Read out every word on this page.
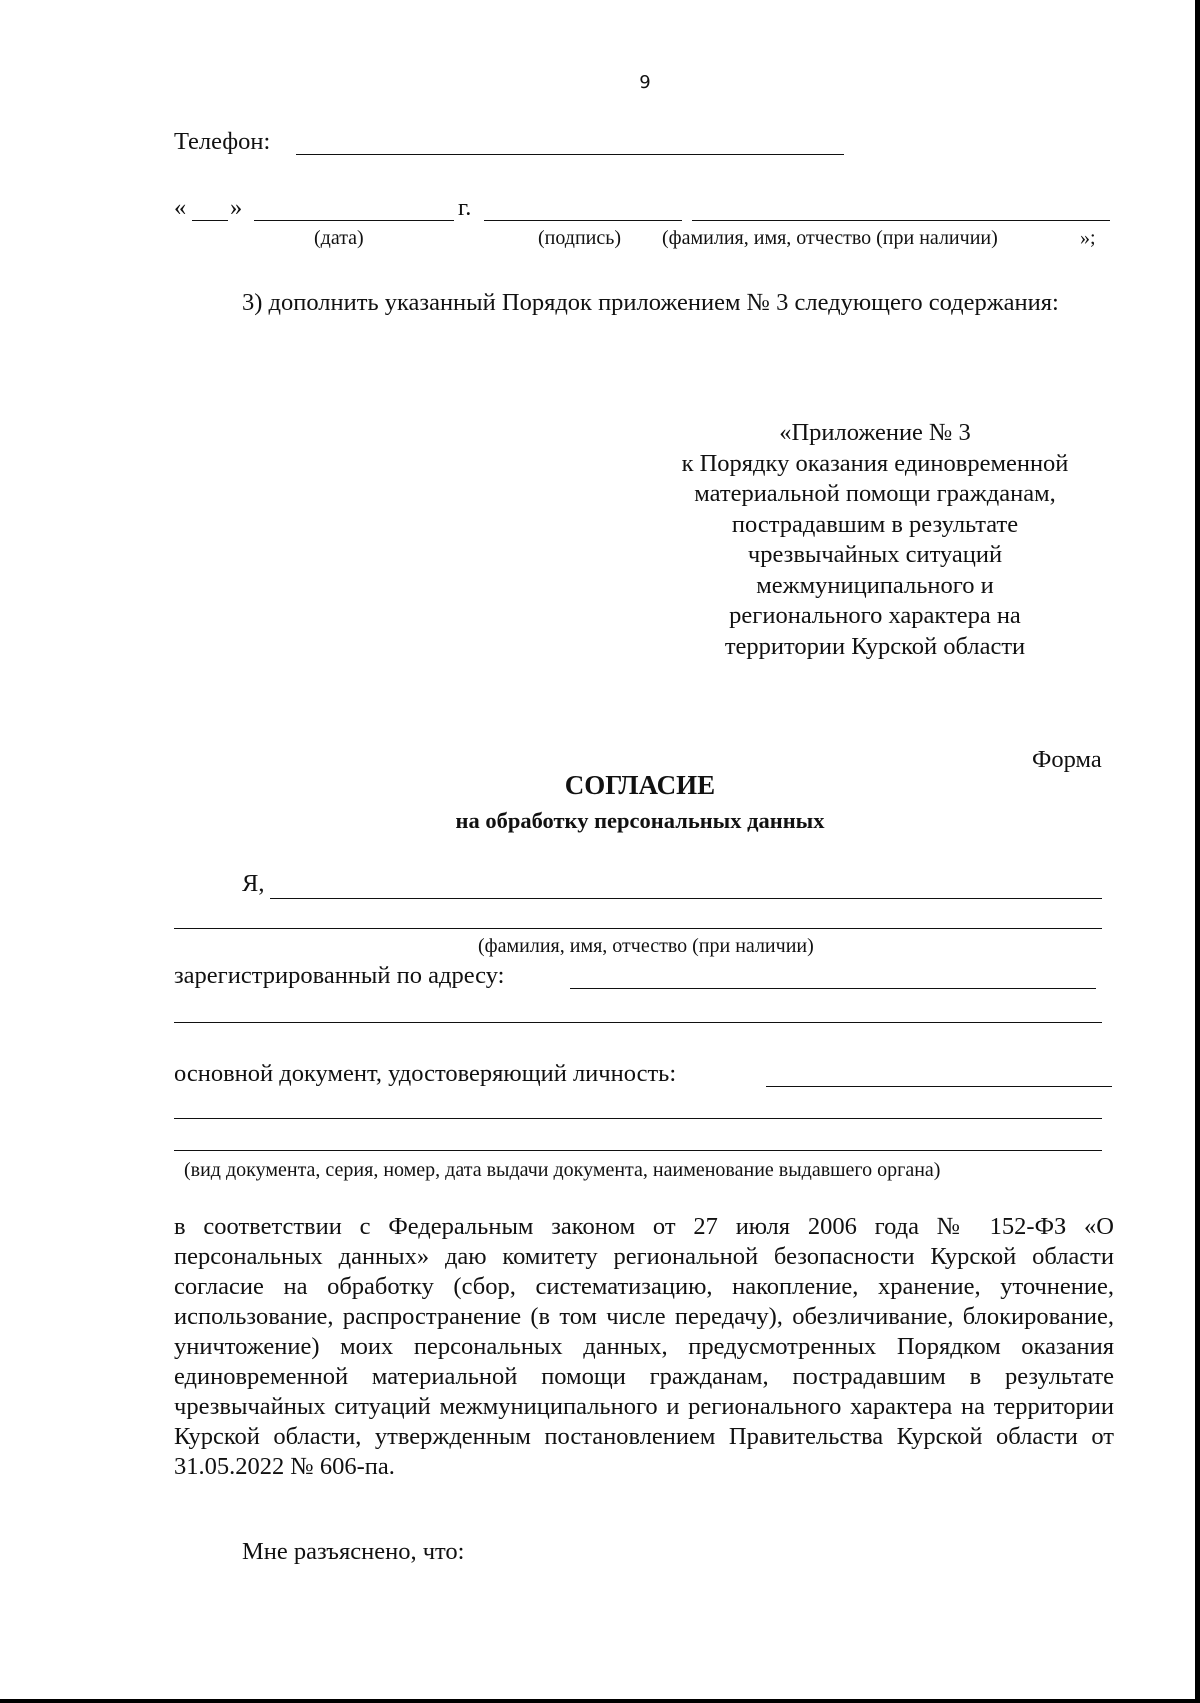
9
Телефон:
« »	г.
(дата)	(подпись) (фамилия, имя, отчество (при наличии)	»;
3) дополнить указанный Порядок приложением № 3 следующего содержания:
«Приложение № 3
к Порядку оказания единовременной
материальной помощи гражданам,
пострадавшим в результате
чрезвычайных ситуаций
межмуниципального и
регионального характера на
территории Курской области
Форма
СОГЛАСИЕ
на обработку персональных данных
Я,
(фамилия, имя, отчество (при наличии)
зарегистрированный по адресу:
основной документ, удостоверяющий личность:
(вид документа, серия, номер, дата выдачи документа, наименование выдавшего органа)
в соответствии с Федеральным законом от 27 июля 2006 года № 152-ФЗ «О персональных данных» даю комитету региональной безопасности Курской области согласие на обработку (сбор, систематизацию, накопление, хранение, уточнение, использование, распространение (в том числе передачу), обезличивание, блокирование, уничтожение) моих персональных данных, предусмотренных Порядком оказания единовременной материальной помощи гражданам, пострадавшим в результате чрезвычайных ситуаций межмуниципального и регионального характера на территории Курской области, утвержденным постановлением Правительства Курской области от 31.05.2022 № 606-па.
Мне разъяснено, что:
